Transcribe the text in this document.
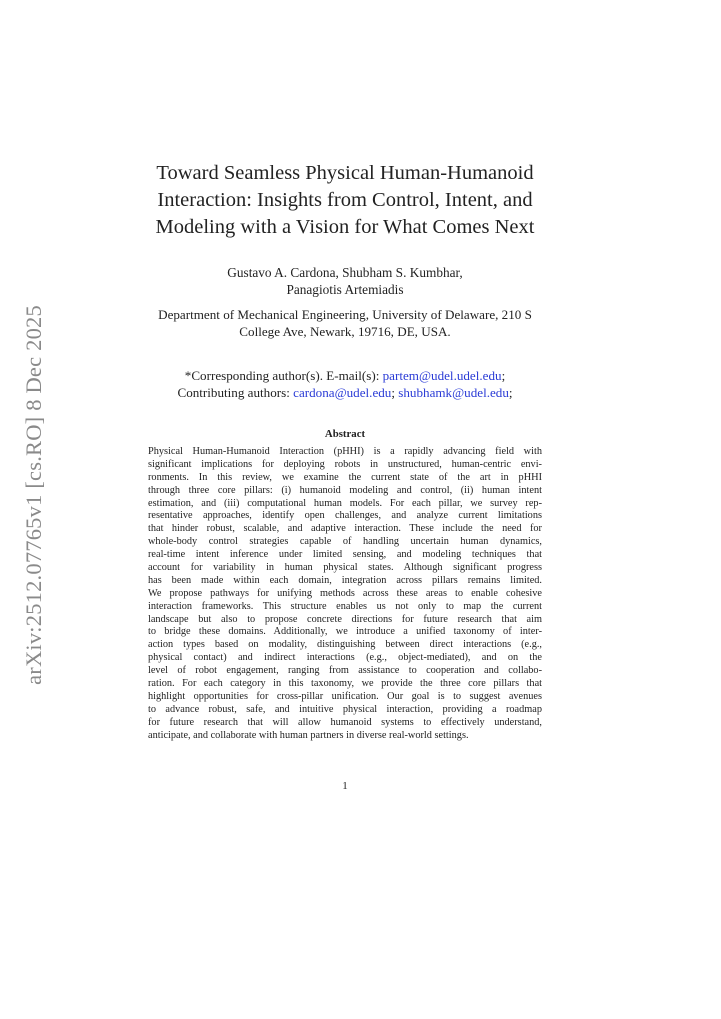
arXiv:2512.07765v1 [cs.RO] 8 Dec 2025
Toward Seamless Physical Human-Humanoid
Interaction: Insights from Control, Intent, and
Modeling with a Vision for What Comes Next
Gustavo A. Cardona, Shubham S. Kumbhar,
Panagiotis Artemiadis
Department of Mechanical Engineering, University of Delaware, 210 S
College Ave, Newark, 19716, DE, USA.
*Corresponding author(s). E-mail(s): partem@udel.udel.edu;
Contributing authors: cardona@udel.edu; shubhamk@udel.edu;
Abstract
Physical Human-Humanoid Interaction (pHHI) is a rapidly advancing field with
significant implications for deploying robots in unstructured, human-centric envi-
ronments. In this review, we examine the current state of the art in pHHI
through three core pillars: (i) humanoid modeling and control, (ii) human intent
estimation, and (iii) computational human models. For each pillar, we survey rep-
resentative approaches, identify open challenges, and analyze current limitations
that hinder robust, scalable, and adaptive interaction. These include the need for
whole-body control strategies capable of handling uncertain human dynamics,
real-time intent inference under limited sensing, and modeling techniques that
account for variability in human physical states. Although significant progress
has been made within each domain, integration across pillars remains limited.
We propose pathways for unifying methods across these areas to enable cohesive
interaction frameworks. This structure enables us not only to map the current
landscape but also to propose concrete directions for future research that aim
to bridge these domains. Additionally, we introduce a unified taxonomy of inter-
action types based on modality, distinguishing between direct interactions (e.g.,
physical contact) and indirect interactions (e.g., object-mediated), and on the
level of robot engagement, ranging from assistance to cooperation and collabo-
ration. For each category in this taxonomy, we provide the three core pillars that
highlight opportunities for cross-pillar unification. Our goal is to suggest avenues
to advance robust, safe, and intuitive physical interaction, providing a roadmap
for future research that will allow humanoid systems to effectively understand,
anticipate, and collaborate with human partners in diverse real-world settings.
1
